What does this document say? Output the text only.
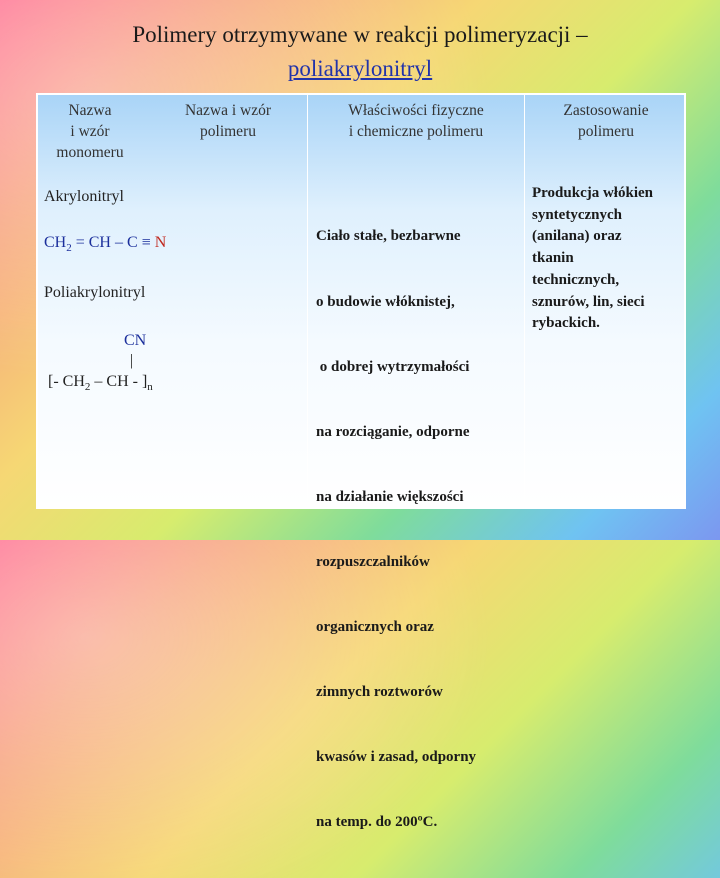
Polimery otrzymywane w reakcji polimeryzacji –
poliakrylonitryl
Nazwa
i wzór
monomeru
Nazwa i wzór
polimeru
Właściwości fizyczne
i chemiczne polimeru
Zastosowanie
polimeru
Akrylonitryl
$CH_2$ = CH – C ≡ N
Poliakrylonitryl
CN
|
[- $CH_2$ – CH - ]$_n$

Ciało stałe, bezbarwne

o budowie włóknistej,

o dobrej wytrzymałości

na rozciąganie, odporne

na działanie większości

rozpuszczalników

organicznych oraz

zimnych roztworów

kwasów i zasad, odporny

na temp. do 200ºC.

Produkcja włókien
syntetycznych
(anilana) oraz
tkanin
technicznych,
sznurów, lin, sieci
rybackich.
